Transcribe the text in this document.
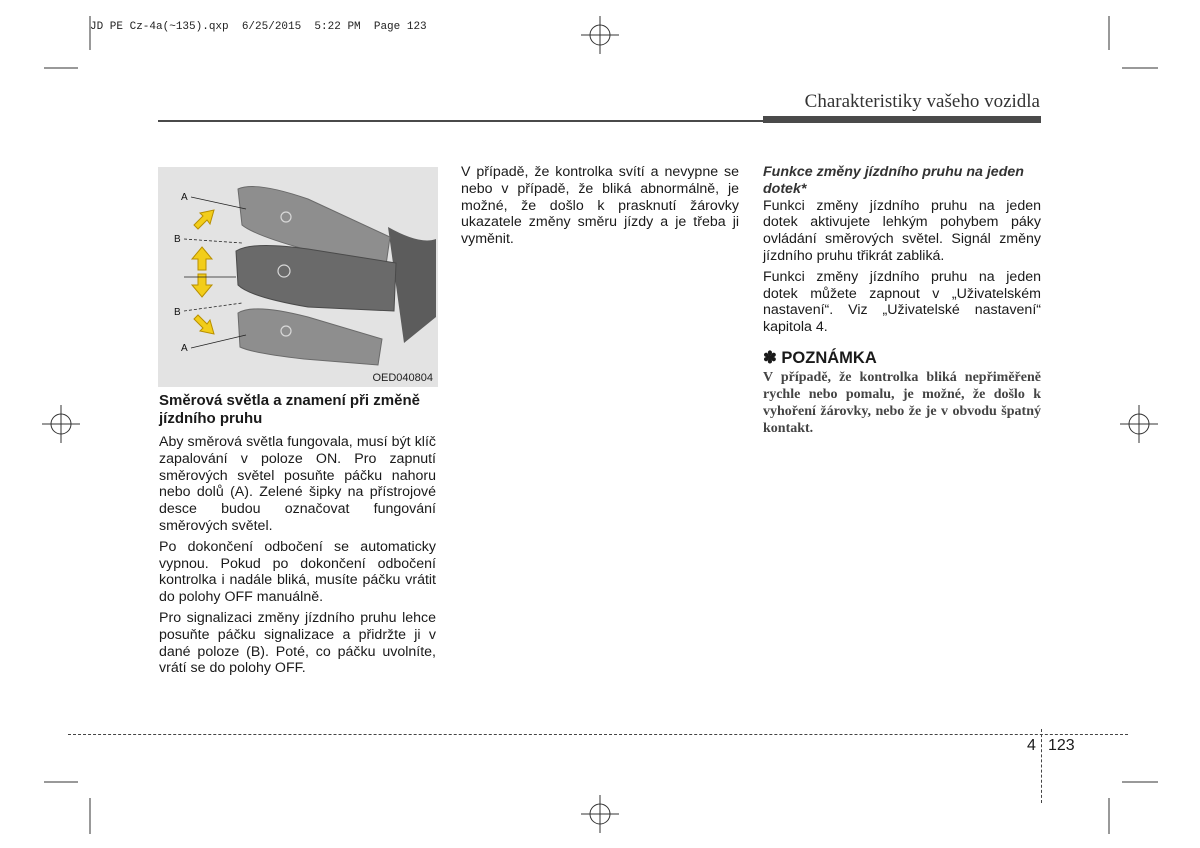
JD PE Cz-4a(~135).qxp  6/25/2015  5:22 PM  Page 123
Charakteristiky vašeho vozidla
A
B
B
A
OED040804
Směrová světla a znamení při změně jízdního pruhu

Aby směrová světla fungovala, musí být klíč zapalování v poloze ON. Pro zapnutí směrových světel posuňte páčku nahoru nebo dolů (A). Zelené šipky na přístrojové desce budou označovat fungování směrových světel.

Po dokončení odbočení se automaticky vypnou. Pokud po dokončení odbočení kontrolka i nadále bliká, musíte páčku vrátit do polohy OFF manuálně.

Pro signalizaci změny jízdního pruhu lehce posuňte páčku signalizace a přidržte ji v dané poloze (B). Poté, co páčku uvolníte, vrátí se do polohy OFF.

V případě, že kontrolka svítí a nevypne se nebo v případě, že bliká abnormálně, je možné, že došlo k prasknutí žárovky ukazatele změny směru jízdy a je třeba ji vyměnit.

Funkce změny jízdního pruhu na jeden dotek*

Funkci změny jízdního pruhu na jeden dotek aktivujete lehkým pohybem páky ovládání směrových světel. Signál změny jízdního pruhu třikrát zabliká.

Funkci změny jízdního pruhu na jeden dotek můžete zapnout v „Uživatelském nastavení“. Viz „Uživatelské nastavení“ kapitola 4.

✽ POZNÁMKA
V případě, že kontrolka bliká nepřiměřeně rychle nebo pomalu, je možné, že došlo k vyhoření žárovky, nebo že je v obvodu špatný kontakt.
4 123
